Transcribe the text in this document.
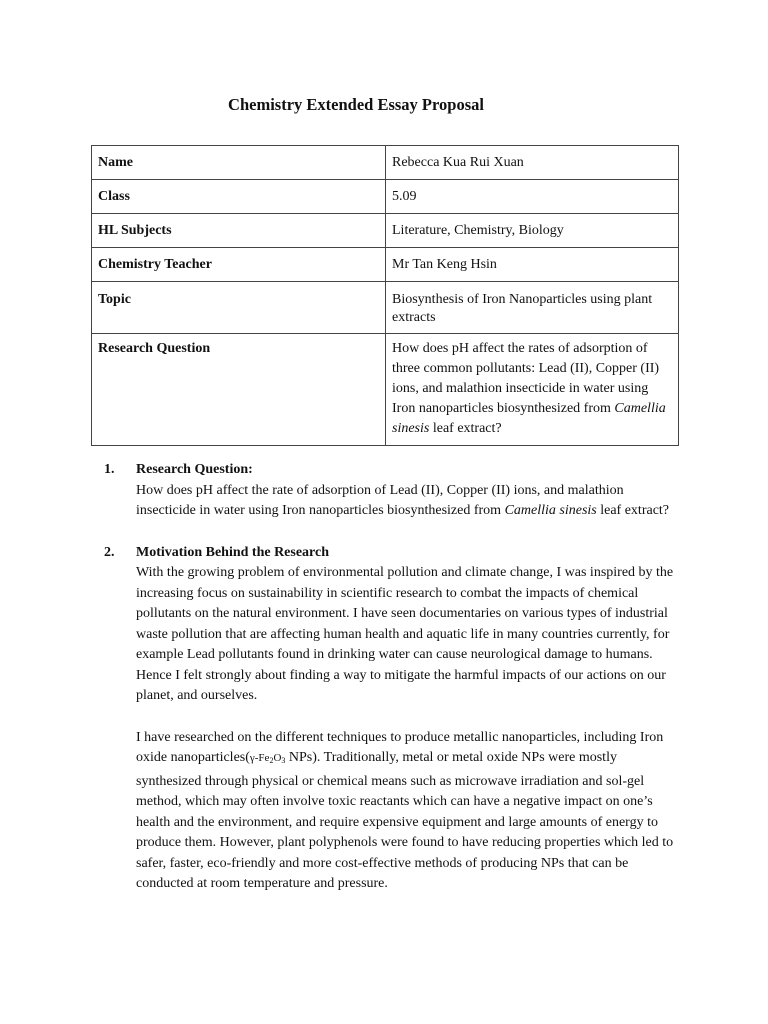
Chemistry Extended Essay Proposal
Name	Rebecca Kua Rui Xuan
Class	5.09
HL Subjects	Literature, Chemistry, Biology
Chemistry Teacher	Mr Tan Keng Hsin
Topic	Biosynthesis of Iron Nanoparticles using plant extracts
Research Question	How does pH affect the rates of adsorption of three common pollutants: Lead (II), Copper (II) ions, and malathion insecticide in water using Iron nanoparticles biosynthesized from Camellia sinesis leaf extract?
1.	Research Question:

How does pH affect the rate of adsorption of Lead (II), Copper (II) ions, and malathion insecticide in water using Iron nanoparticles biosynthesized from Camellia sinesis leaf extract?

2.	Motivation Behind the Research

With the growing problem of environmental pollution and climate change, I was inspired by the increasing focus on sustainability in scientific research to combat the impacts of chemical pollutants on the natural environment. I have seen documentaries on various types of industrial waste pollution that are affecting human health and aquatic life in many countries currently, for example Lead pollutants found in drinking water can cause neurological damage to humans. Hence I felt strongly about finding a way to mitigate the harmful impacts of our actions on our planet, and ourselves.

I have researched on the different techniques to produce metallic nanoparticles, including Iron oxide $nanoparticles(\gamma-Fe_2O_3$ NPs). Traditionally, metal or metal oxide NPs were mostly synthesized through physical or chemical means such as microwave irradiation and sol-gel method, which may often involve toxic reactants which can have a negative impact on one’s health and the environment, and require expensive equipment and large amounts of energy to produce them. However, plant polyphenols were found to have reducing properties which led to safer, faster, eco-friendly and more cost-effective methods of producing NPs that can be conducted at room temperature and pressure.
